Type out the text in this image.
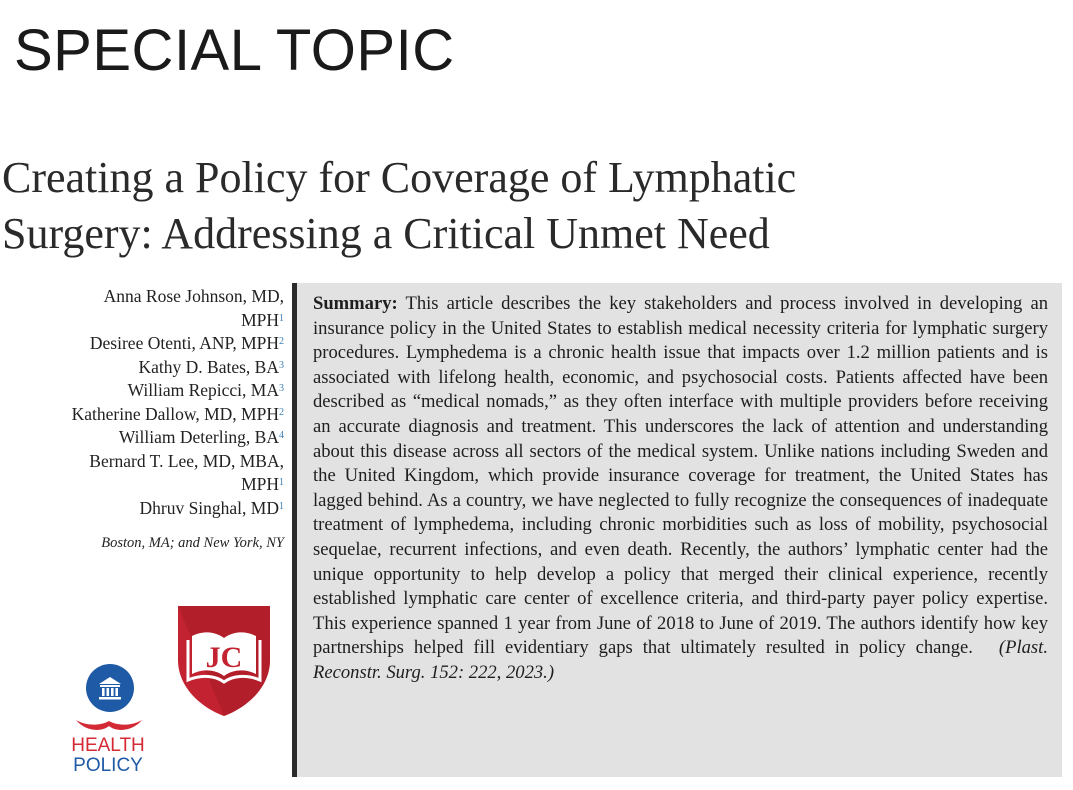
SPECIAL TOPIC
Creating a Policy for Coverage of Lymphatic
Surgery: Addressing a Critical Unmet Need
Anna Rose Johnson, MD,
MPH$^1$
Desiree Otenti, ANP, MPH$^2$
Kathy D. Bates, $BA^3$
William Repicci, $MA^3$
Katherine Dallow, MD, MPH$^2$
William Deterling, $BA^4$
Bernard T. Lee, MD, MBA,
MPH$^1$
Dhruv Singhal, $MD^1$
Boston, MA; and New York, NY

Summary: This article describes the key stakeholders and process involved in developing an insurance policy in the United States to establish medical necessity criteria for lymphatic surgery procedures. Lymphedema is a chronic health issue that impacts over 1.2 million patients and is associated with lifelong health, economic, and psychosocial costs. Patients affected have been described as “medical nomads,” as they often interface with multiple providers before receiving an accurate diagnosis and treatment. This underscores the lack of attention and understanding about this disease across all sectors of the medical system. Unlike nations including Sweden and the United Kingdom, which provide insurance coverage for treatment, the United States has lagged behind. As a country, we have neglected to fully recognize the consequences of inadequate treatment of lymphedema, including chronic morbidities such as loss of mobility, psychosocial sequelae, recurrent infections, and even death. Recently, the authors’ lymphatic center had the unique opportunity to help develop a policy that merged their clinical experience, recently established lymphatic care center of excellence criteria, and third-party payer policy expertise. This experience spanned 1 year from June of 2018 to June of 2019. The authors identify how key partnerships helped fill evidentiary gaps that ultimately resulted in policy change. (Plast. Reconstr. Surg. 152: 222, 2023.)

HEALTH
POLICY
JC
